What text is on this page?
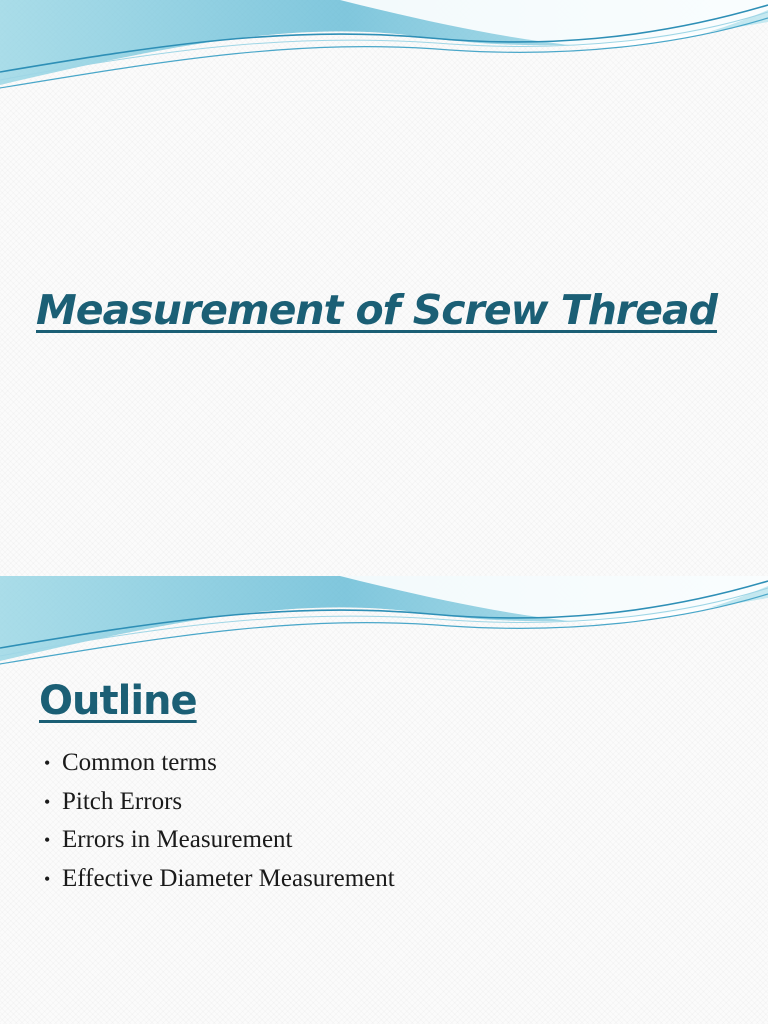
Measurement of Screw Thread
Outline
• Common terms
• Pitch Errors
• Errors in Measurement
• Effective Diameter Measurement
